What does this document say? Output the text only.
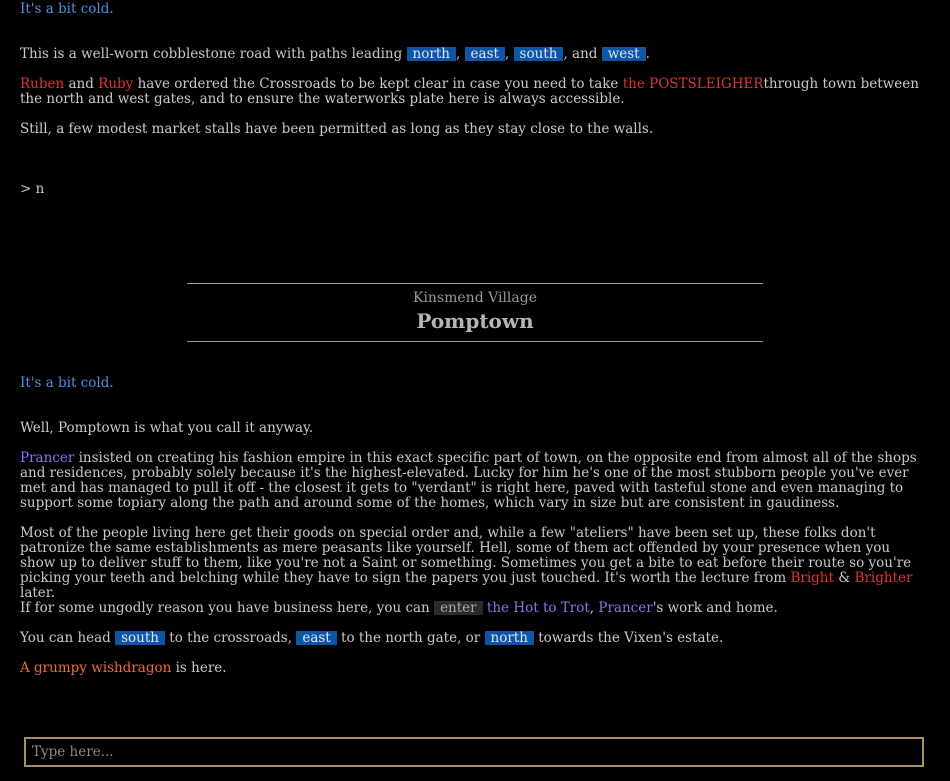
It's a bit cold.

This is a well-worn cobblestone road with paths leading north , east , south , and west .

Ruben and Ruby have ordered the Crossroads to be kept clear in case you need to take the POSTSLEIGHERthrough town between the north and west gates, and to ensure the waterworks plate here is always accessible.

Still, a few modest market stalls have been permitted as long as they stay close to the walls.

> n

Kinsmend Village
Pomptown

It's a bit cold.

Well, Pomptown is what you call it anyway.

Prancer insisted on creating his fashion empire in this exact specific part of town, on the opposite end from almost all of the shops and residences, probably solely because it's the highest-elevated. Lucky for him he's one of the most stubborn people you've ever met and has managed to pull it off - the closest it gets to "verdant" is right here, paved with tasteful stone and even managing to support some topiary along the path and around some of the homes, which vary in size but are consistent in gaudiness.

Most of the people living here get their goods on special order and, while a few "ateliers" have been set up, these folks don't patronize the same establishments as mere peasants like yourself. Hell, some of them act offended by your presence when you show up to deliver stuff to them, like you're not a Saint or something. Sometimes you get a bite to eat before their route so you're picking your teeth and belching while they have to sign the papers you just touched. It's worth the lecture from Bright & Brighter later.

If for some ungodly reason you have business here, you can enter the Hot to Trot, Prancer's work and home.

You can head south to the crossroads, east to the north gate, or north towards the Vixen's estate.

A grumpy wishdragon is here.

Type here...
